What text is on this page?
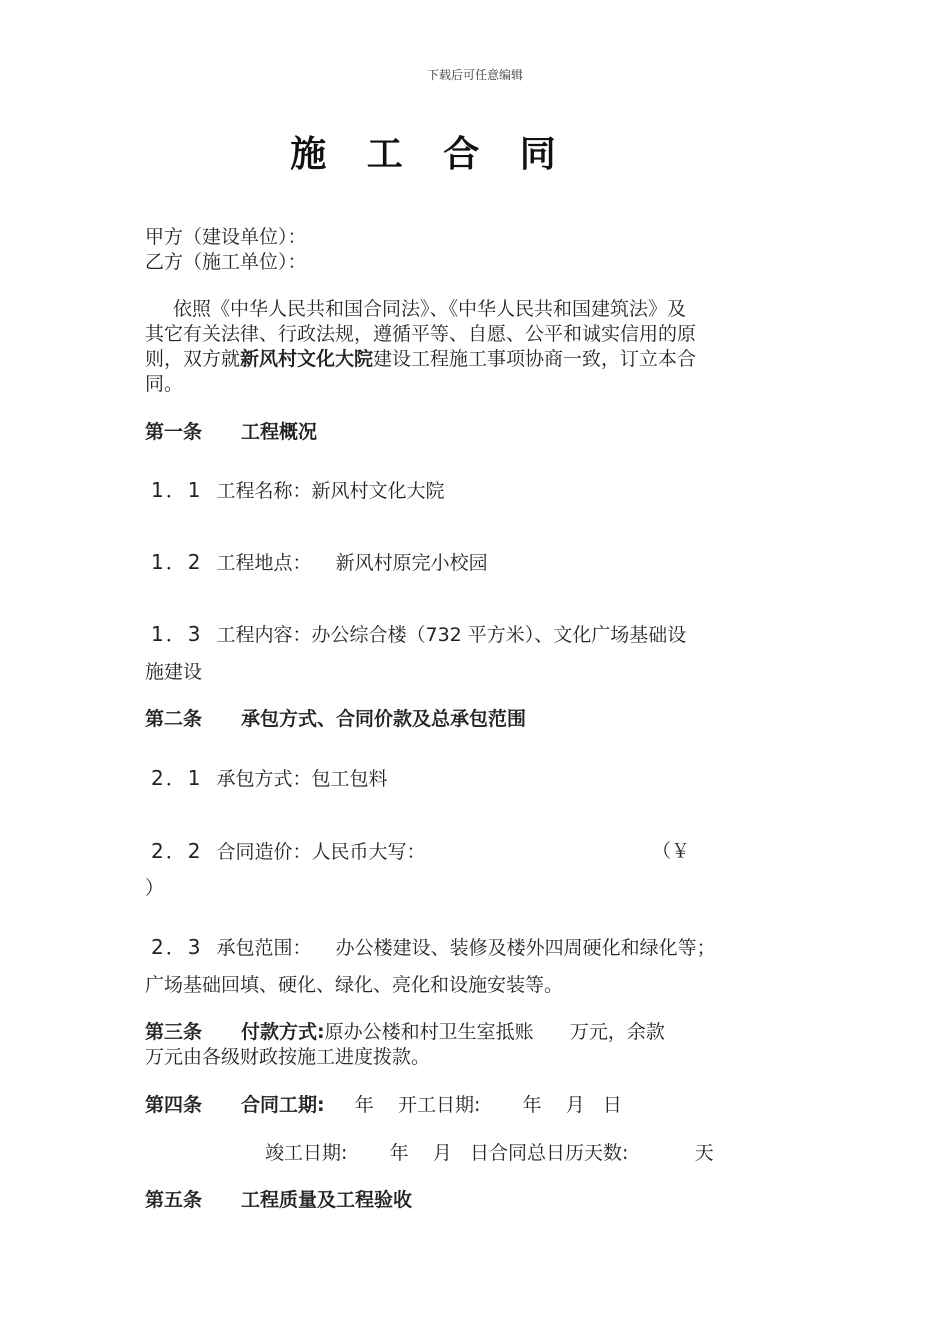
下载后可任意编辑
施 工 合 同
甲方（建设单位）：
乙方（施工单位）：
依照《中华人民共和国合同法》、《中华人民共和国建筑法》及
其它有关法律、行政法规，遵循平等、自愿、公平和诚实信用的原
则，双方就新风村文化大院建设工程施工事项协商一致，订立本合
同。
第一条 工程概况
1．1 工程名称：新风村文化大院
1．2 工程地点：    新风村原完小校园
1．3 工程内容：办公综合楼（732 平方米）、文化广场基础设
施建设
第二条 承包方式、合同价款及总承包范围
2．1 承包方式：包工包料
2．2 合同造价：人民币大写：	（￥
）
2．3 承包范围：    办公楼建设、装修及楼外四周硬化和绿化等；
广场基础回填、硬化、绿化、亮化和设施安装等。
第三条 付款方式:原办公楼和村卫生室抵账      万元，余款
万元由各级财政按施工进度拨款。
第四条 合同工期:     年    开工日期:       年    月   日
竣工日期:       年    月   日合同总日历天数:           天
第五条 工程质量及工程验收
